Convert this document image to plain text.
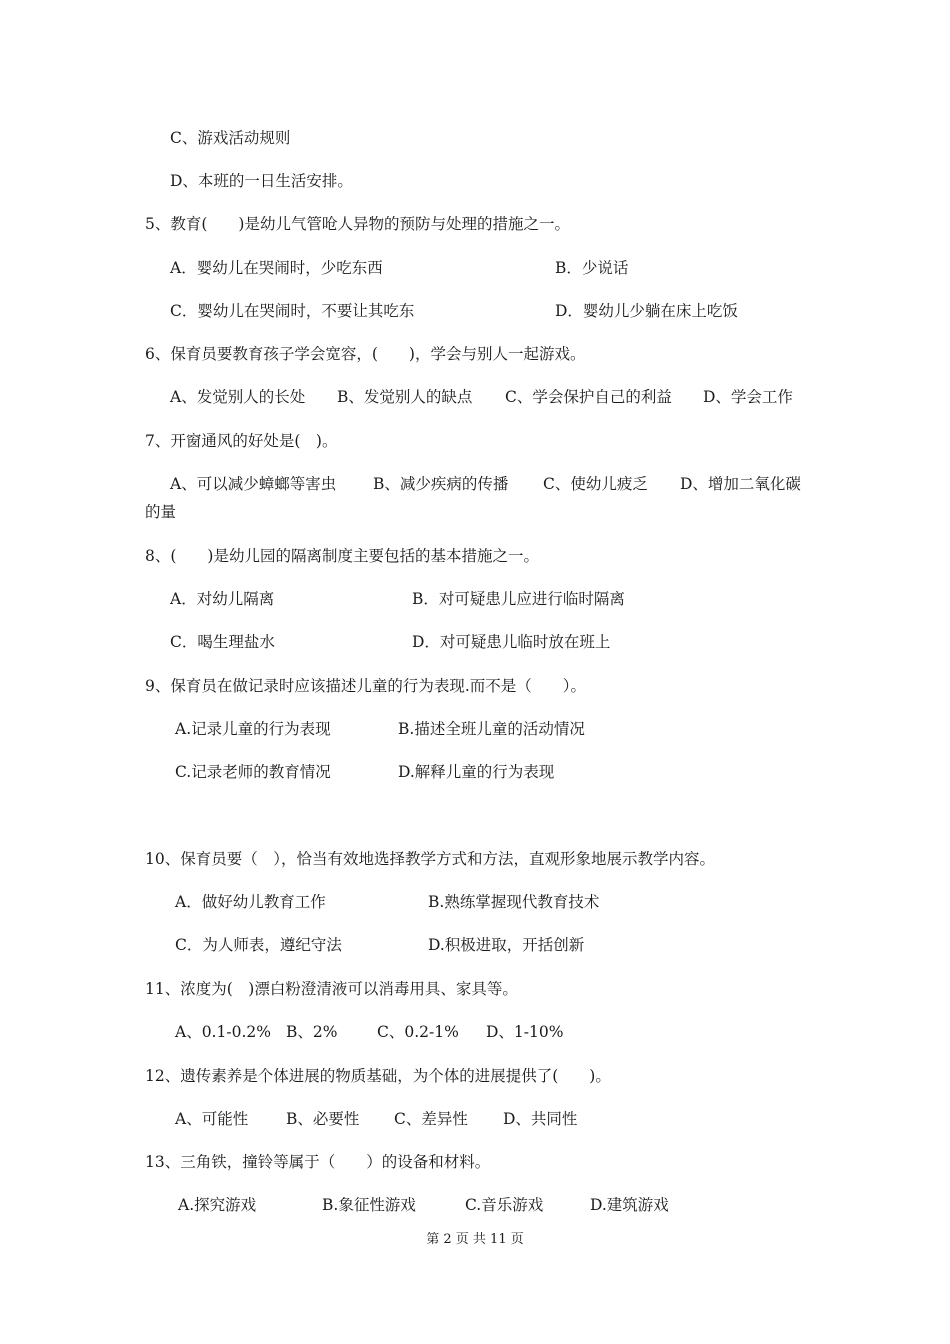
C、游戏活动规则
D、本班的一日生活安排。
5、教育(　　)是幼儿气管呛人异物的预防与处理的措施之一。
A．婴幼儿在哭闹时，少吃东西	B．少说话
C．婴幼儿在哭闹时，不要让其吃东	D．婴幼儿少躺在床上吃饭
6、保育员要教育孩子学会宽容，(　　)，学会与别人一起游戏。
A、发觉别人的长处 B、发觉别人的缺点 C、学会保护自己的利益 D、学会工作
7、开窗通风的好处是(　)。
A、可以减少蟑螂等害虫 B、减少疾病的传播 C、使幼儿疲乏 D、增加二氧化碳
的量
8、(　　)是幼儿园的隔离制度主要包括的基本措施之一。
A．对幼儿隔离	B．对可疑患儿应进行临时隔离
C．喝生理盐水	D．对可疑患儿临时放在班上
9、保育员在做记录时应该描述儿童的行为表现.而不是（　　）。
A.记录儿童的行为表现	B.描述全班儿童的活动情况
C.记录老师的教育情况	D.解释儿童的行为表现
10、保育员要（　），恰当有效地选择教学方式和方法，直观形象地展示教学内容。
A．做好幼儿教育工作	B.熟练掌握现代教育技术
C．为人师表，遵纪守法	D.积极进取，开括创新
11、浓度为(　)漂白粉澄清液可以消毒用具、家具等。
A、0.1-0.2% B、2%	C、0.2-1% D、1-10%
12、遗传素养是个体进展的物质基础，为个体的进展提供了(　　)。
A、可能性 B、必要性 C、差异性 D、共同性
13、三角铁，撞铃等属于（　　）的设备和材料。
A.探究游戏	B.象征性游戏	C.音乐游戏	D.建筑游戏
第 2 页 共 11 页
